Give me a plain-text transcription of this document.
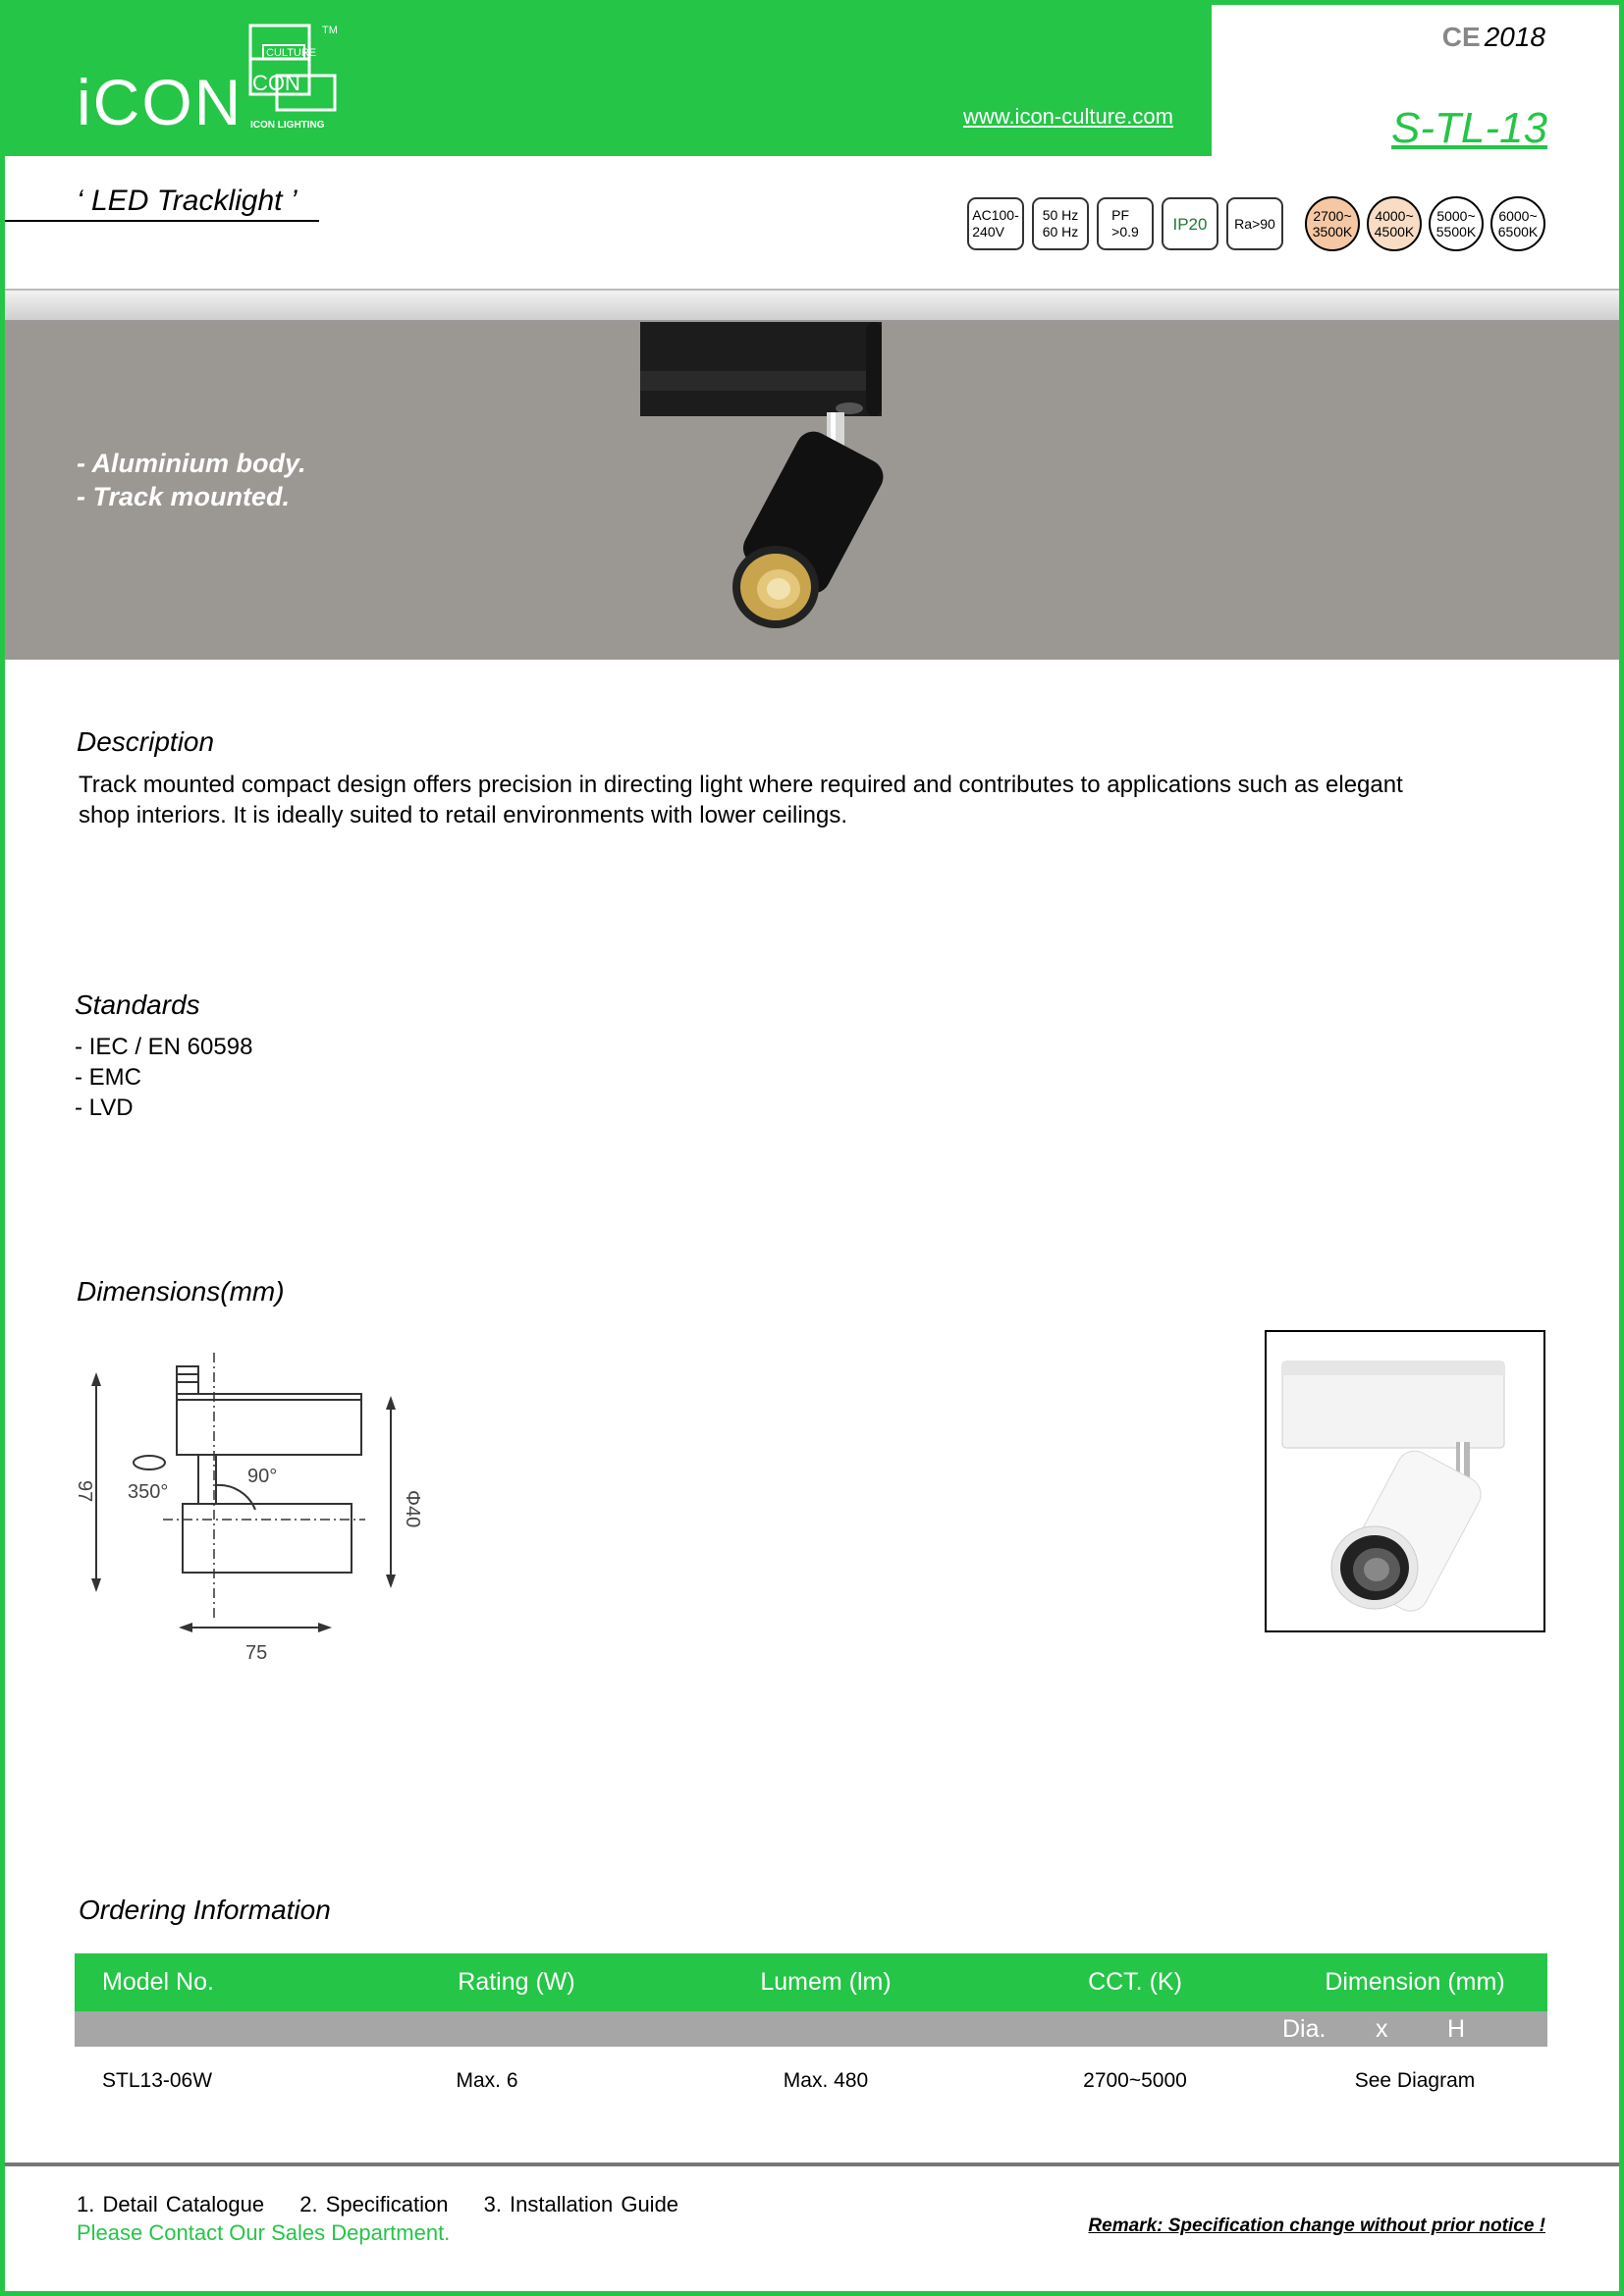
iCON
CULTURE
CON
ICON LIGHTING
TM
www.icon-culture.com
CE 2018
S-TL-13
‘ LED Tracklight ’	AC100-
240V
50 Hz
60 Hz
PF
>0.9	IP20	Ra>90	2700~
3500K
4000~
4500K
5000~
5500K
6000~
6500K
- Aluminium body.
- Track mounted.
Description
Track mounted compact design offers precision in directing light where required and contributes to applications such as elegant shop interiors. It is ideally suited to retail environments with lower ceilings.
Standards
- IEC / EN 60598
- EMC
- LVD
Dimensions(mm)
97	Φ40
75
90°
350°
Ordering Information
Model No.	Rating (W)	Lumem (lm)	CCT. (K)	Dimension (mm)
Dia. x H
STL13-06W	Max. 6	Max. 480	2700~5000	See Diagram
1. Detail Catalogue 2. Specification 3. Installation Guide
Please Contact Our Sales Department.	Remark: Specification change without prior notice !
